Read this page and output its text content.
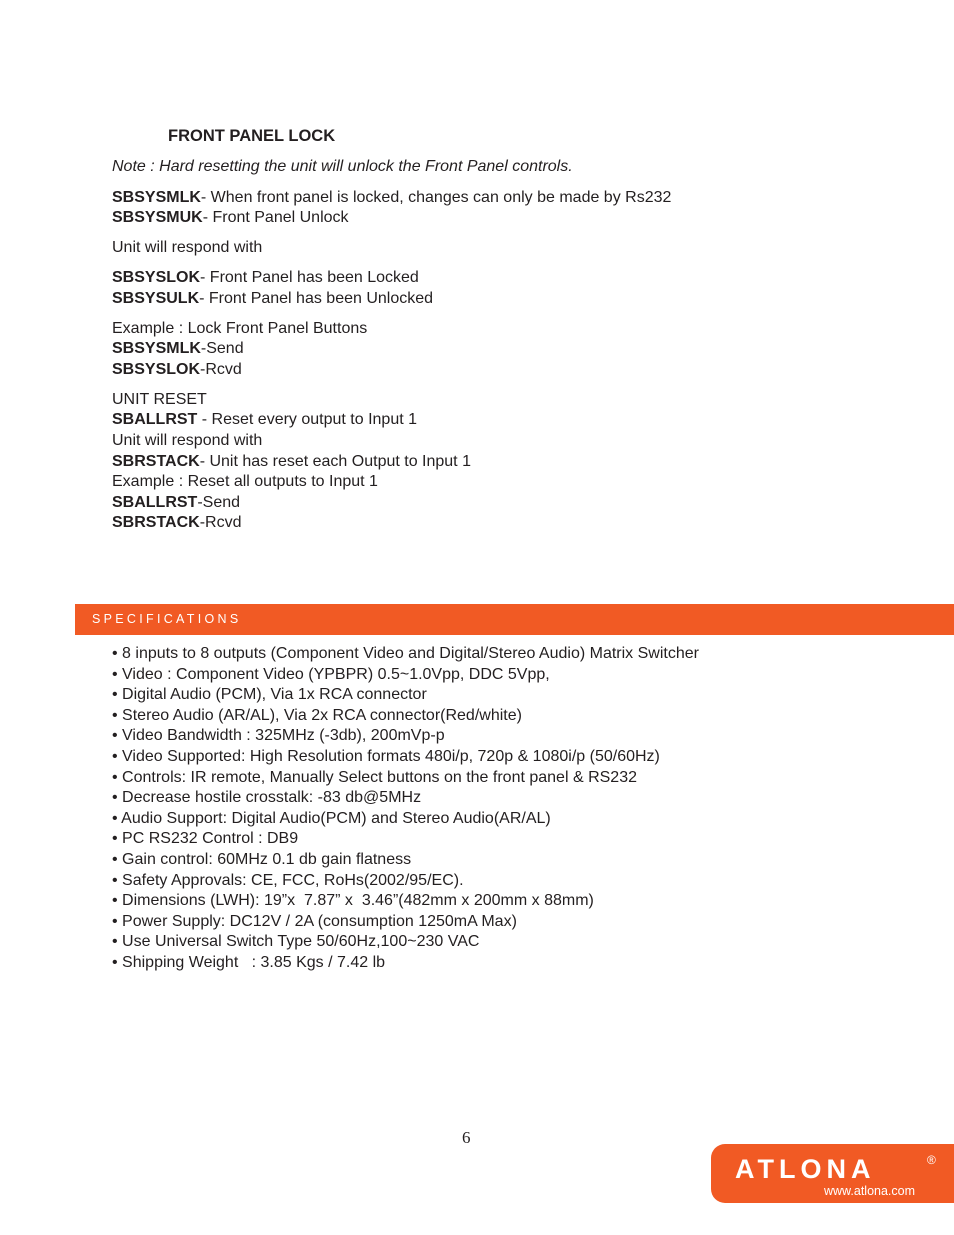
FRONT PANEL LOCK
Note : Hard resetting the unit will unlock the Front Panel controls.
SBSYSMLK- When front panel is locked, changes can only be made by Rs232
SBSYSMUK- Front Panel Unlock
Unit will respond with
SBSYSLOK- Front Panel has been Locked
SBSYSULK- Front Panel has been Unlocked
Example : Lock Front Panel Buttons
SBSYSMLK-Send
SBSYSLOK-Rcvd
UNIT RESET
SBALLRST - Reset every output to Input 1
Unit will respond with
SBRSTACK- Unit has reset each Output to Input 1
Example : Reset all outputs to Input 1
SBALLRST-Send
SBRSTACK-Rcvd
SPECIFICATIONS
• 8 inputs to 8 outputs (Component Video and Digital/Stereo Audio) Matrix Switcher
• Video : Component Video (YPBPR) 0.5~1.0Vpp, DDC 5Vpp,
• Digital Audio (PCM), Via 1x RCA connector
• Stereo Audio (AR/AL), Via 2x RCA connector(Red/white)
• Video Bandwidth : 325MHz (-3db), 200mVp-p
• Video Supported: High Resolution formats 480i/p, 720p & 1080i/p (50/60Hz)
• Controls: IR remote, Manually Select buttons on the front panel & RS232
• Decrease hostile crosstalk: -83 db@5MHz
• Audio Support: Digital Audio(PCM) and Stereo Audio(AR/AL)
• PC RS232 Control : DB9
• Gain control: 60MHz 0.1 db gain flatness
• Safety Approvals: CE, FCC, RoHs(2002/95/EC).
• Dimensions (LWH): 19”x  7.87” x  3.46”(482mm x 200mm x 88mm)
• Power Supply: DC12V / 2A (consumption 1250mA Max)
• Use Universal Switch Type 50/60Hz,100~230 VAC
• Shipping Weight   : 3.85 Kgs / 7.42 lb
6
ATLONA	®
www.atlona.com
